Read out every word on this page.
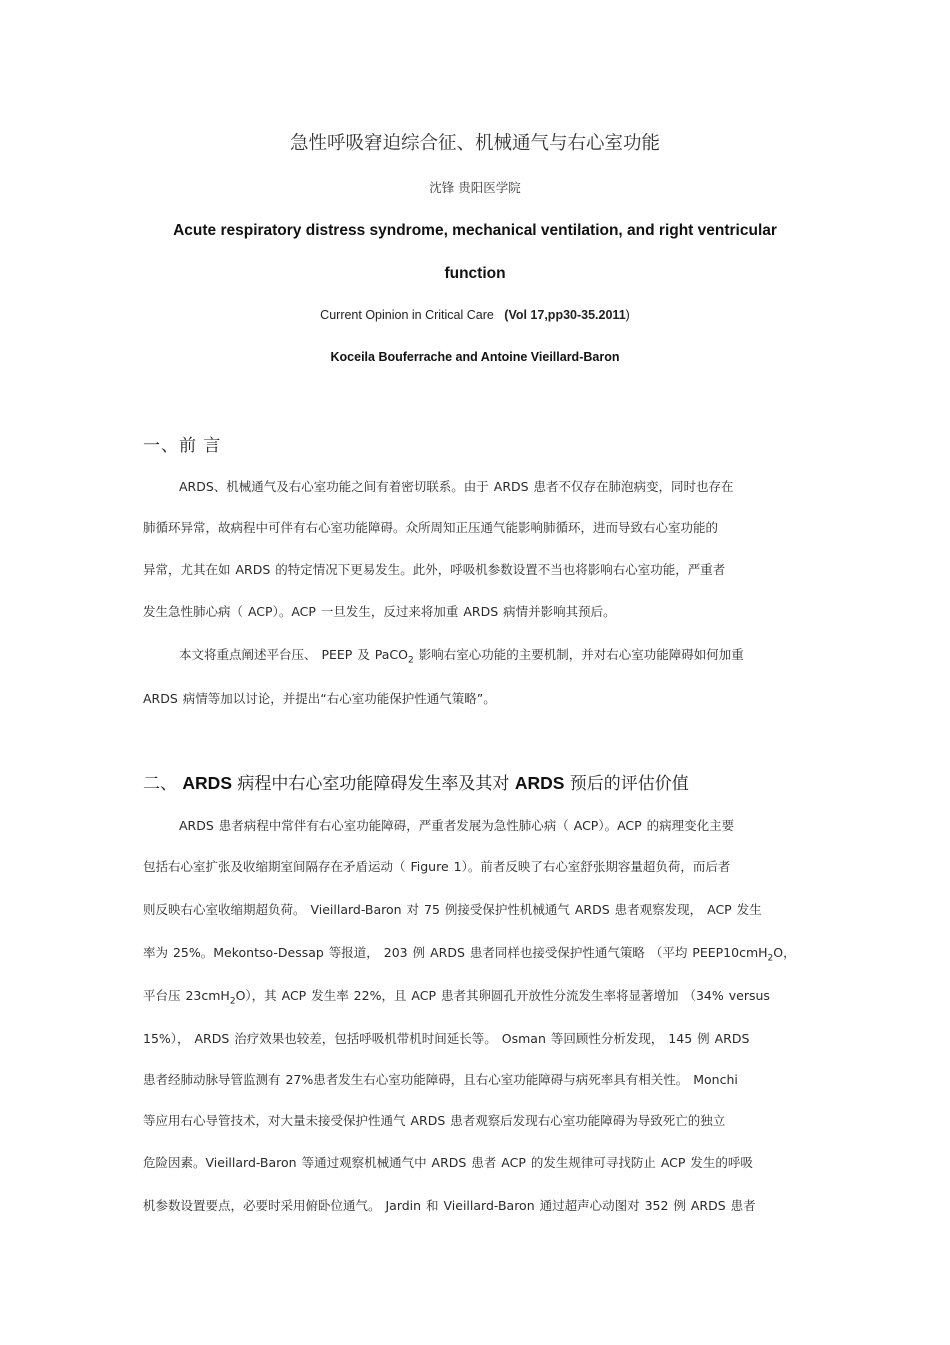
急性呼吸窘迫综合征、机械通气与右心室功能
沈锋 贵阳医学院
Acute respiratory distress syndrome, mechanical ventilation, and right ventricular
function
Current Opinion in Critical Care (Vol 17,pp30-35.2011)
Koceila Bouferrache and Antoine Vieillard-Baron
一、前 言
ARDS、机械通气及右心室功能之间有着密切联系。由于 ARDS 患者不仅存在肺泡病变，同时也存在
肺循环异常，故病程中可伴有右心室功能障碍。众所周知正压通气能影响肺循环，进而导致右心室功能的
异常，尤其在如 ARDS 的特定情况下更易发生。此外，呼吸机参数设置不当也将影响右心室功能，严重者
发生急性肺心病（ ACP）。ACP 一旦发生，反过来将加重 ARDS 病情并影响其预后。
本文将重点阐述平台压、 PEEP 及 PaCO$_2$ 影响右室心功能的主要机制，并对右心室功能障碍如何加重
ARDS 病情等加以讨论，并提出“右心室功能保护性通气策略”。
二、 ARDS 病程中右心室功能障碍发生率及其对 ARDS 预后的评估价值
ARDS 患者病程中常伴有右心室功能障碍，严重者发展为急性肺心病（ ACP）。ACP 的病理变化主要
包括右心室扩张及收缩期室间隔存在矛盾运动（ Figure 1）。前者反映了右心室舒张期容量超负荷，而后者
则反映右心室收缩期超负荷。 Vieillard-Baron 对 75 例接受保护性机械通气 ARDS 患者观察发现， ACP 发生
率为 25%。Mekontso-Dessap 等报道， 203 例 ARDS 患者同样也接受保护性通气策略 （平均 PEEP10cmH$_2$O，
平台压 23cmH$_2$O），其 ACP 发生率 22%，且 ACP 患者其卵圆孔开放性分流发生率将显著增加 （34% versus
15%）， ARDS 治疗效果也较差，包括呼吸机带机时间延长等。 Osman 等回顾性分析发现， 145 例 ARDS
患者经肺动脉导管监测有 27%患者发生右心室功能障碍，且右心室功能障碍与病死率具有相关性。 Monchi
等应用右心导管技术，对大量未接受保护性通气 ARDS 患者观察后发现右心室功能障碍为导致死亡的独立
危险因素。Vieillard-Baron 等通过观察机械通气中 ARDS 患者 ACP 的发生规律可寻找防止 ACP 发生的呼吸
机参数设置要点，必要时采用俯卧位通气。 Jardin 和 Vieillard-Baron 通过超声心动图对 352 例 ARDS 患者
